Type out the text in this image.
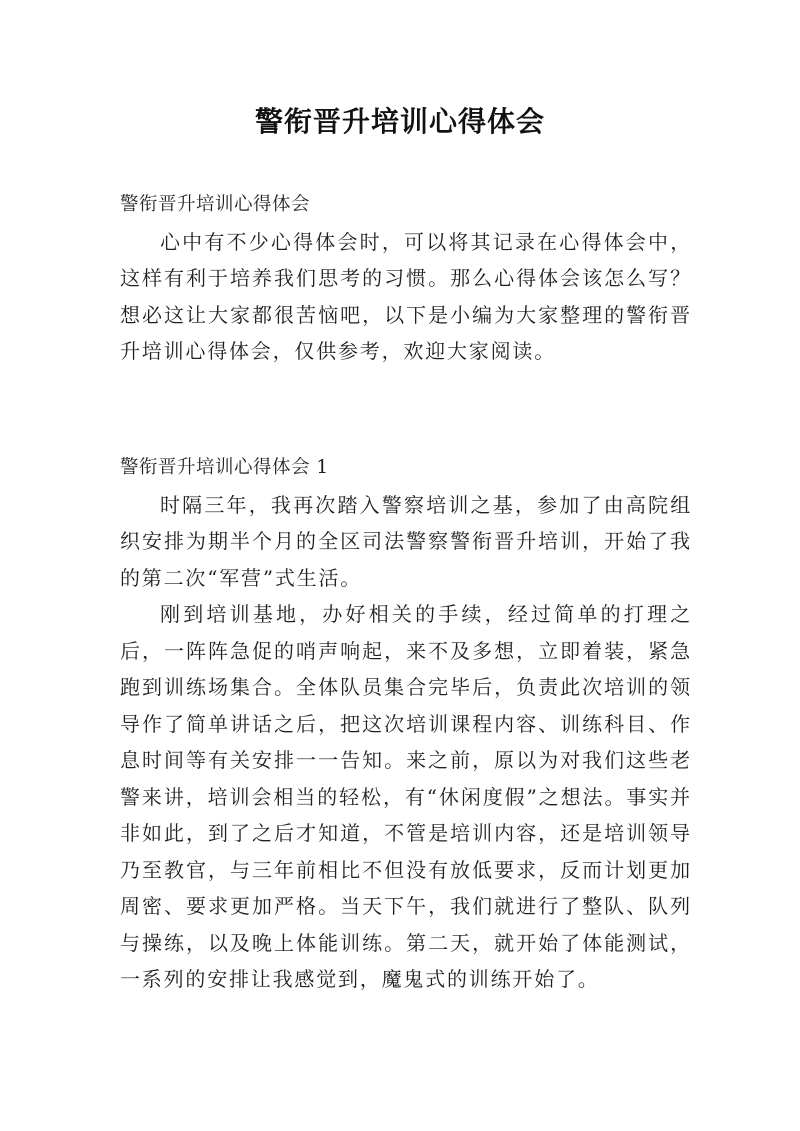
警衔晋升培训心得体会

警衔晋升培训心得体会

心中有不少心得体会时，可以将其记录在心得体会中，这样有利于培养我们思考的习惯。那么心得体会该怎么写？想必这让大家都很苦恼吧，以下是小编为大家整理的警衔晋升培训心得体会，仅供参考，欢迎大家阅读。

警衔晋升培训心得体会 1

时隔三年，我再次踏入警察培训之基，参加了由高院组织安排为期半个月的全区司法警察警衔晋升培训，开始了我的第二次“军营”式生活。

刚到培训基地，办好相关的手续，经过简单的打理之后，一阵阵急促的哨声响起，来不及多想，立即着装，紧急跑到训练场集合。全体队员集合完毕后，负责此次培训的领导作了简单讲话之后，把这次培训课程内容、训练科目、作息时间等有关安排一一告知。来之前，原以为对我们这些老警来讲，培训会相当的轻松，有“休闲度假”之想法。事实并非如此，到了之后才知道，不管是培训内容，还是培训领导乃至教官，与三年前相比不但没有放低要求，反而计划更加周密、要求更加严格。当天下午，我们就进行了整队、队列与操练，以及晚上体能训练。第二天，就开始了体能测试，一系列的安排让我感觉到，魔鬼式的训练开始了。
